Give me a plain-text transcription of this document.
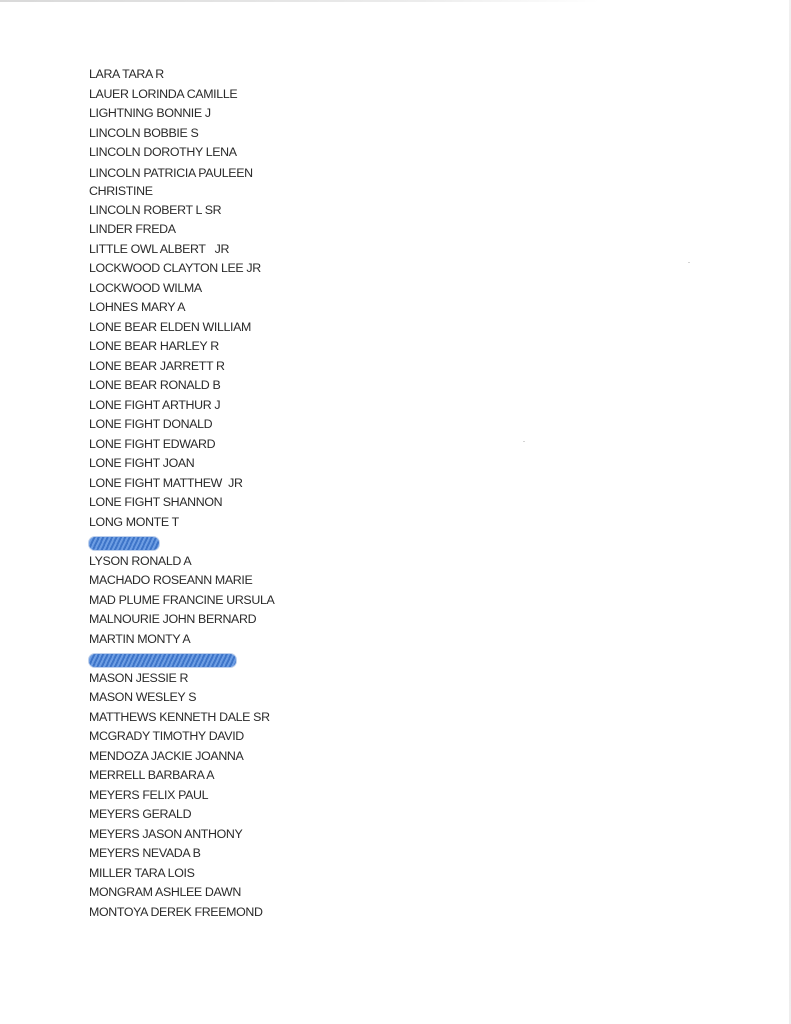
LARA TARA R
LAUER LORINDA CAMILLE
LIGHTNING BONNIE J
LINCOLN BOBBIE S
LINCOLN DOROTHY LENA
LINCOLN PATRICIA PAULEEN CHRISTINE
LINCOLN ROBERT L SR
LINDER FREDA
LITTLE OWL ALBERT   JR
LOCKWOOD CLAYTON LEE JR
LOCKWOOD WILMA
LOHNES MARY A
LONE BEAR ELDEN WILLIAM
LONE BEAR HARLEY R
LONE BEAR JARRETT R
LONE BEAR RONALD B
LONE FIGHT ARTHUR J
LONE FIGHT DONALD
LONE FIGHT EDWARD
LONE FIGHT JOAN
LONE FIGHT MATTHEW  JR
LONE FIGHT SHANNON
LONG MONTE T
LYSON RONALD A
MACHADO ROSEANN MARIE
MAD PLUME FRANCINE URSULA
MALNOURIE JOHN BERNARD
MARTIN MONTY A
MASON JESSIE R
MASON WESLEY S
MATTHEWS KENNETH DALE SR
MCGRADY TIMOTHY DAVID
MENDOZA JACKIE JOANNA
MERRELL BARBARA A
MEYERS FELIX PAUL
MEYERS GERALD
MEYERS JASON ANTHONY
MEYERS NEVADA B
MILLER TARA LOIS
MONGRAM ASHLEE DAWN
MONTOYA DEREK FREEMOND
